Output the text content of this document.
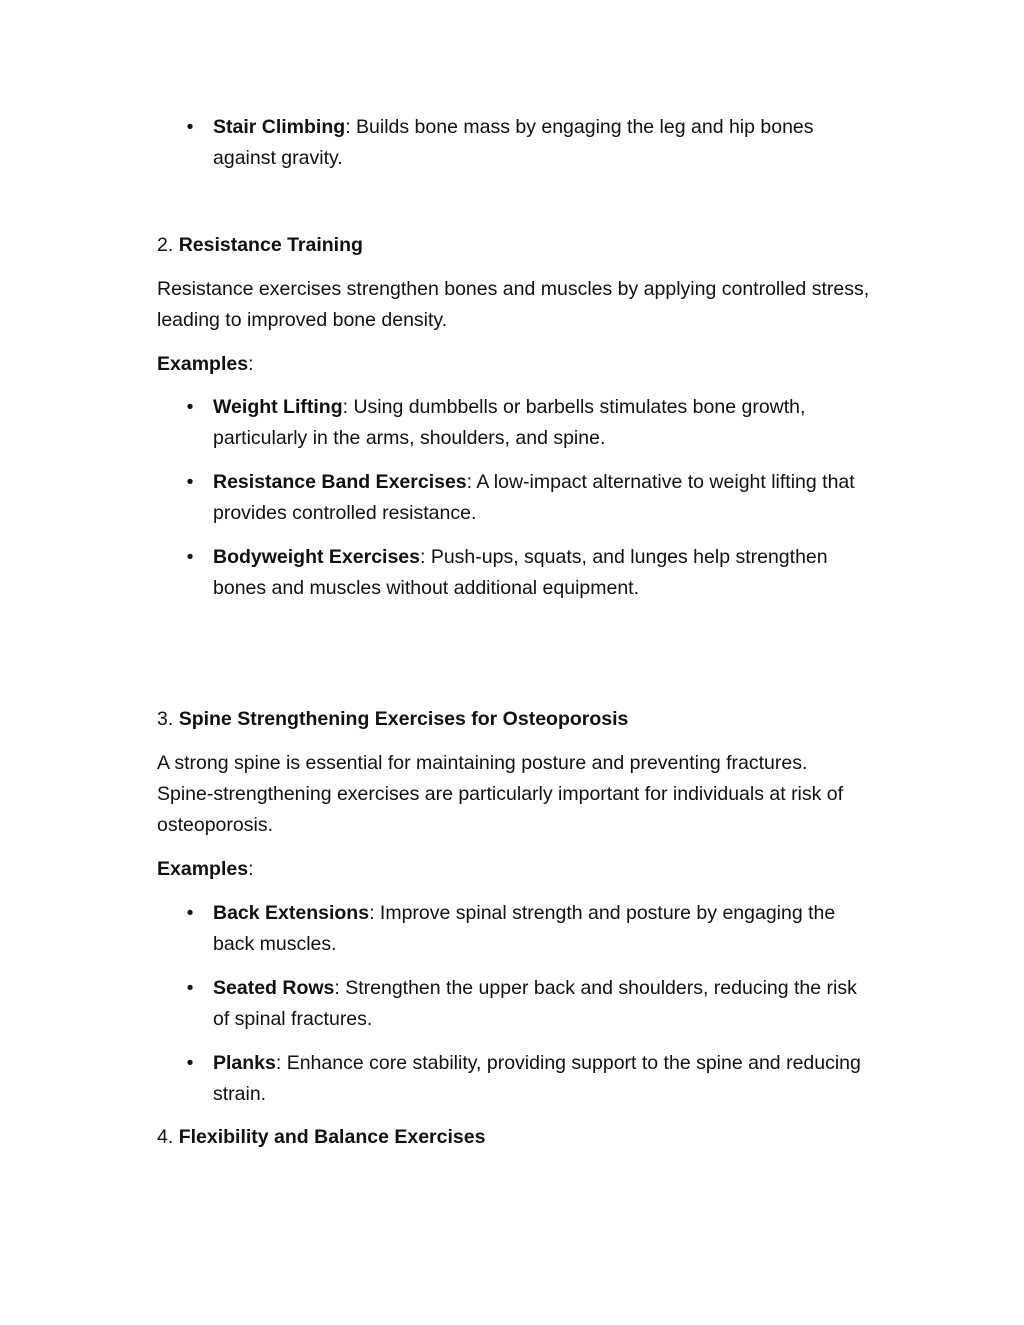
• Stair Climbing: Builds bone mass by engaging the leg and hip bones against gravity.

2. Resistance Training

Resistance exercises strengthen bones and muscles by applying controlled stress, leading to improved bone density.

Examples:

• Weight Lifting: Using dumbbells or barbells stimulates bone growth, particularly in the arms, shoulders, and spine.

• Resistance Band Exercises: A low-impact alternative to weight lifting that provides controlled resistance.

• Bodyweight Exercises: Push-ups, squats, and lunges help strengthen bones and muscles without additional equipment.

3. Spine Strengthening Exercises for Osteoporosis

A strong spine is essential for maintaining posture and preventing fractures. Spine-strengthening exercises are particularly important for individuals at risk of osteoporosis.

Examples:

• Back Extensions: Improve spinal strength and posture by engaging the back muscles.

• Seated Rows: Strengthen the upper back and shoulders, reducing the risk of spinal fractures.

• Planks: Enhance core stability, providing support to the spine and reducing strain.

4. Flexibility and Balance Exercises
